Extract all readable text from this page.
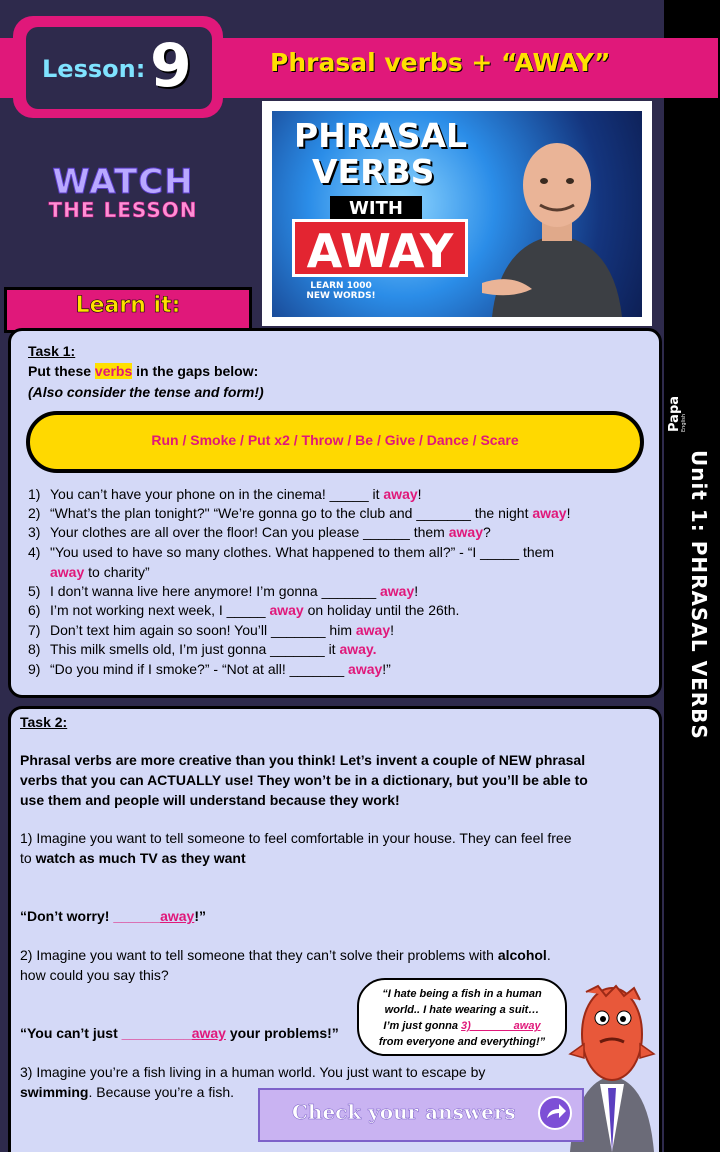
Papa English
Unit 1: PHRASAL VERBS
Phrasal verbs + “AWAY”
Lesson: 9
WATCH
THE LESSON
PHRASAL
VERBS
WITH
AWAY
LEARN 1000
NEW WORDS!
Learn it:
Task 1:
Put these verbs in the gaps below:
(Also consider the tense and form!)
Run / Smoke / Put x2 / Throw / Be / Give / Dance / Scare
1) You can’t have your phone on in the cinema! _____ it away!
2) “What’s the plan tonight?" “We’re gonna go to the club and _______ the night away!
3) Your clothes are all over the floor! Can you please ______ them away?
4) "You used to have so many clothes. What happened to them all?” - “I _____ them
away to charity”
5) I don’t wanna live here anymore! I’m gonna _______ away!
6) I’m not working next week, I _____ away on holiday until the 26th.
7) Don’t text him again so soon! You’ll _______ him away!
8) This milk smells old, I’m just gonna _______ it away.
9) “Do you mind if I smoke?” - “Not at all! _______ away!”
Task 2:
Phrasal verbs are more creative than you think! Let’s invent a couple of NEW phrasal
verbs that you can ACTUALLY use! They won’t be in a dictionary, but you’ll be able to
use them and people will understand because they work!
1) Imagine you want to tell someone to feel comfortable in your house. They can feel free
to watch as much TV as they want
“Don’t worry! ______away!”
2) Imagine you want to tell someone that they can’t solve their problems with alcohol.
how could you say this?
“You can’t just _________away your problems!”
3) Imagine you’re a fish living in a human world. You just want to escape by
swimming. Because you’re a fish.
“I hate being a fish in a human
world.. I hate wearing a suit…
I’m just gonna 3) ______ away
from everyone and everything!”
Check your answers
